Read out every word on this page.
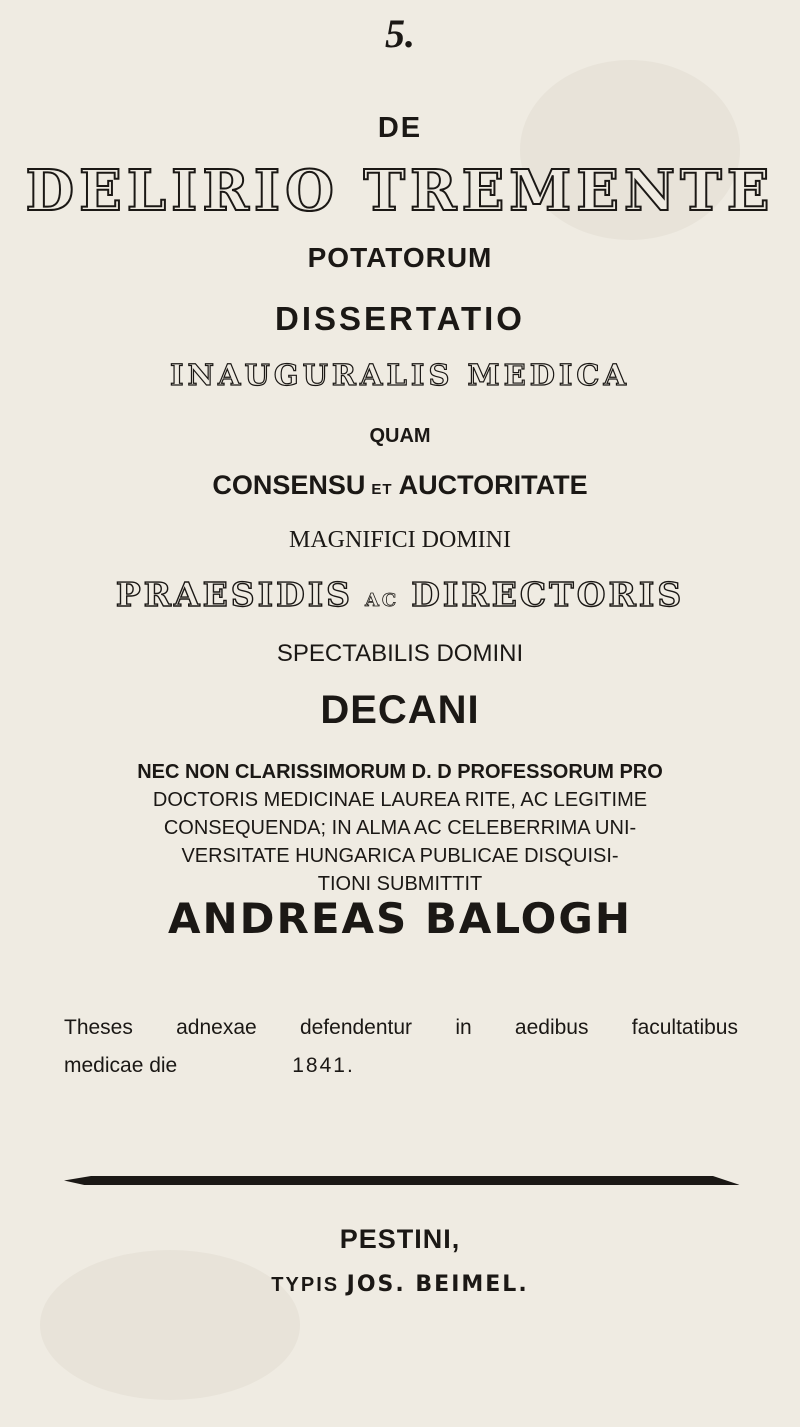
5.
DE
DELIRIO TREMENTE
POTATORUM
DISSERTATIO
INAUGURALIS MEDICA
QUAM
CONSENSU ET AUCTORITATE
MAGNIFICI DOMINI
PRAESIDIS AC DIRECTORIS
SPECTABILIS DOMINI
DECANI
NEC NON CLARISSIMORUM D. D PROFESSORUM PRO
DOCTORIS MEDICINAE LAUREA RITE, AC LEGITIME
CONSEQUENDA; IN ALMA AC CELEBERRIMA UNI-
VERSITATE HUNGARICA PUBLICAE DISQUISI-
TIONI SUBMITTIT
ANDREAS BALOGH
Theses adnexae defendentur in aedibus facultatibus
medicae die	1841.
PESTINI,
TYPIS JOS. BEIMEL.
